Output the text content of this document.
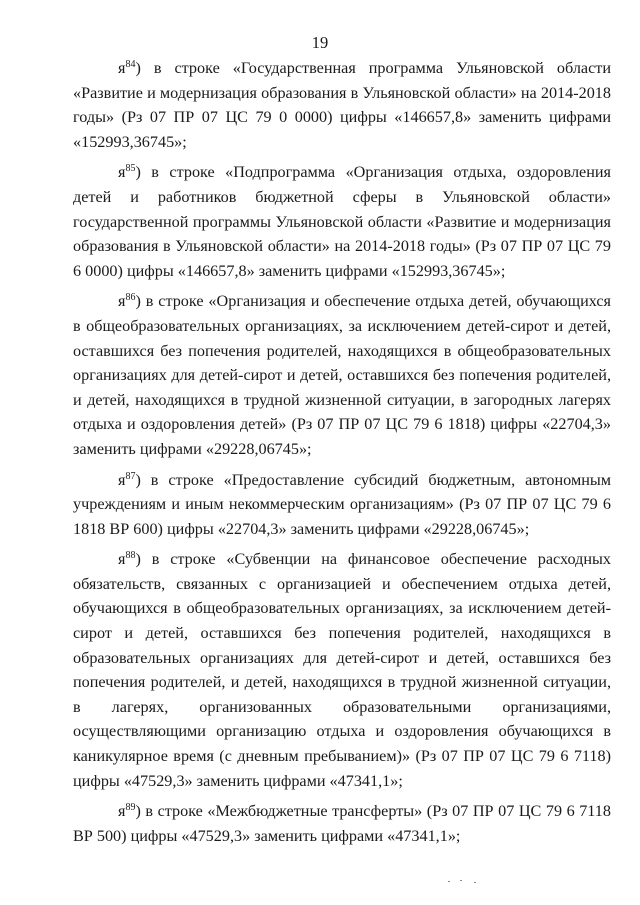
19

$я^{84}$) в строке «Государственная программа Ульяновской области «Развитие и модернизация образования в Ульяновской области» на 2014-2018 годы» (Рз 07 ПР 07 ЦС 79 0 0000) цифры «146657,8» заменить цифрами «152993,36745»;

$я^{85}$) в строке «Подпрограмма «Организация отдыха, оздоровления детей и работников бюджетной сферы в Ульяновской области» государственной программы Ульяновской области «Развитие и модернизация образования в Ульяновской области» на 2014-2018 годы» (Рз 07 ПР 07 ЦС 79 6 0000) цифры «146657,8» заменить цифрами «152993,36745»;

$я^{86}$) в строке «Организация и обеспечение отдыха детей, обучающихся в общеобразовательных организациях, за исключением детей-сирот и детей, оставшихся без попечения родителей, находящихся в общеобразовательных организациях для детей-сирот и детей, оставшихся без попечения родителей, и детей, находящихся в трудной жизненной ситуации, в загородных лагерях отдыха и оздоровления детей» (Рз 07 ПР 07 ЦС 79 6 1818) цифры «22704,3» заменить цифрами «29228,06745»;

$я^{87}$) в строке «Предоставление субсидий бюджетным, автономным учреждениям и иным некоммерческим организациям» (Рз 07 ПР 07 ЦС 79 6 1818 ВР 600) цифры «22704,3» заменить цифрами «29228,06745»;

$я^{88}$) в строке «Субвенции на финансовое обеспечение расходных обязательств, связанных с организацией и обеспечением отдыха детей, обучающихся в общеобразовательных организациях, за исключением детей-сирот и детей, оставшихся без попечения родителей, находящихся в образовательных организациях для детей-сирот и детей, оставшихся без попечения родителей, и детей, находящихся в трудной жизненной ситуации, в лагерях, организованных образовательными организациями, осуществляющими организацию отдыха и оздоровления обучающихся в каникулярное время (с дневным пребыванием)» (Рз 07 ПР 07 ЦС 79 6 7118) цифры «47529,3» заменить цифрами «47341,1»;

$я^{89}$) в строке «Межбюджетные трансферты» (Рз 07 ПР 07 ЦС 79 6 7118 ВР 500) цифры «47529,3» заменить цифрами «47341,1»;
